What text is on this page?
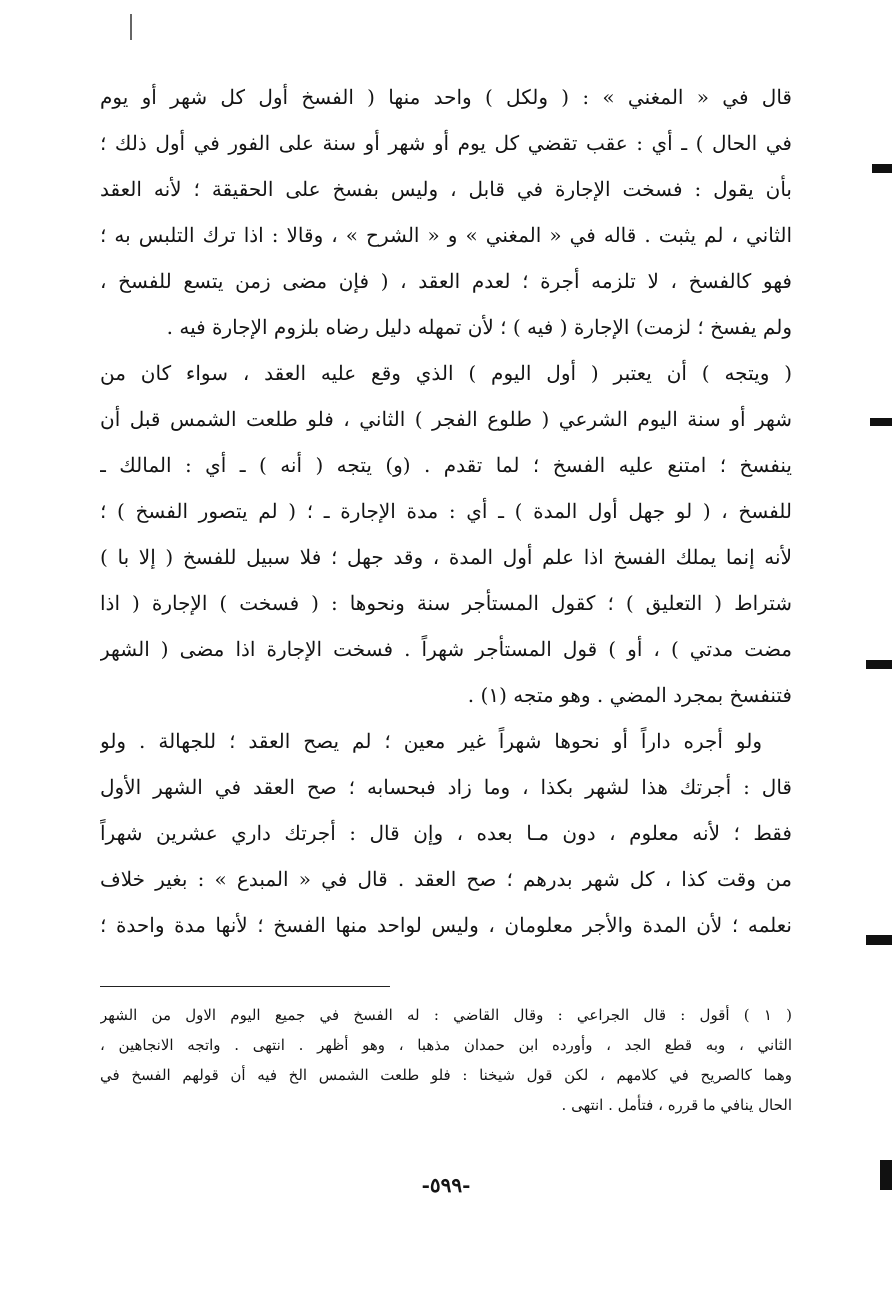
قال في « المغني » : ( ولكل ) واحد منها ( الفسخ أول كل شهر أو يوم
في الحال ) ـ أي : عقب تقضي كل يوم أو شهر أو سنة على الفور في أول ذلك ؛
بأن يقول : فسخت الإجارة في قابل ، وليس بفسخ على الحقيقة ؛ لأنه العقد
الثاني ، لم يثبت . قاله في « المغني » و « الشرح » ، وقالا : اذا ترك التلبس به ؛
فهو كالفسخ ، لا تلزمه أجرة ؛ لعدم العقد ، ( فإن مضى زمن يتسع للفسخ ،
ولم يفسخ ؛ لزمت) الإجارة ( فيه ) ؛ لأن تمهله دليل رضاه بلزوم الإجارة فيه .
( ويتجه ) أن يعتبر ( أول اليوم ) الذي وقع عليه العقد ، سواء كان من
شهر أو سنة اليوم الشرعي ( طلوع الفجر ) الثاني ، فلو طلعت الشمس قبل أن
ينفسخ ؛ امتنع عليه الفسخ ؛ لما تقدم . (و) يتجه ( أنه ) ـ أي : المالك ـ
للفسخ ، ( لو جهل أول المدة ) ـ أي : مدة الإجارة ـ ؛ ( لم يتصور الفسخ ) ؛
لأنه إنما يملك الفسخ اذا علم أول المدة ، وقد جهل ؛ فلا سبيل للفسخ ( إلا با )
شتراط ( التعليق ) ؛ كقول المستأجر سنة ونحوها : ( فسخت ) الإجارة ( اذا
مضت مدتي ) ، أو ) قول المستأجر شهراً . فسخت الإجارة اذا مضى ( الشهر
فتنفسخ بمجرد المضي . وهو متجه (١) .
ولو أجره داراً أو نحوها شهراً غير معين ؛ لم يصح العقد ؛ للجهالة . ولو
قال : أجرتك هذا لشهر بكذا ، وما زاد فبحسابه ؛ صح العقد في الشهر الأول
فقط ؛ لأنه معلوم ، دون مـا بعده ، وإن قال : أجرتك داري عشرين شهراً
من وقت كذا ، كل شهر بدرهم ؛ صح العقد . قال في « المبدع » : بغير خلاف
نعلمه ؛ لأن المدة والأجر معلومان ، وليس لواحد منها الفسخ ؛ لأنها مدة واحدة ؛
( ١ ) أقول : قال الجراعي : وقال القاضي : له الفسخ في جميع اليوم الاول من الشهر
الثاني ، وبه قطع الجد ، وأورده ابن حمدان مذهبا ، وهو أظهر . انتهى . واتجه الانجاهين ،
وهما كالصريح في كلامهم ، لكن قول شيخنا : فلو طلعت الشمس الخ فيه أن قولهم الفسخ في
الحال ينافي ما قرره ، فتأمل . انتهى .
-٥٩٩-
